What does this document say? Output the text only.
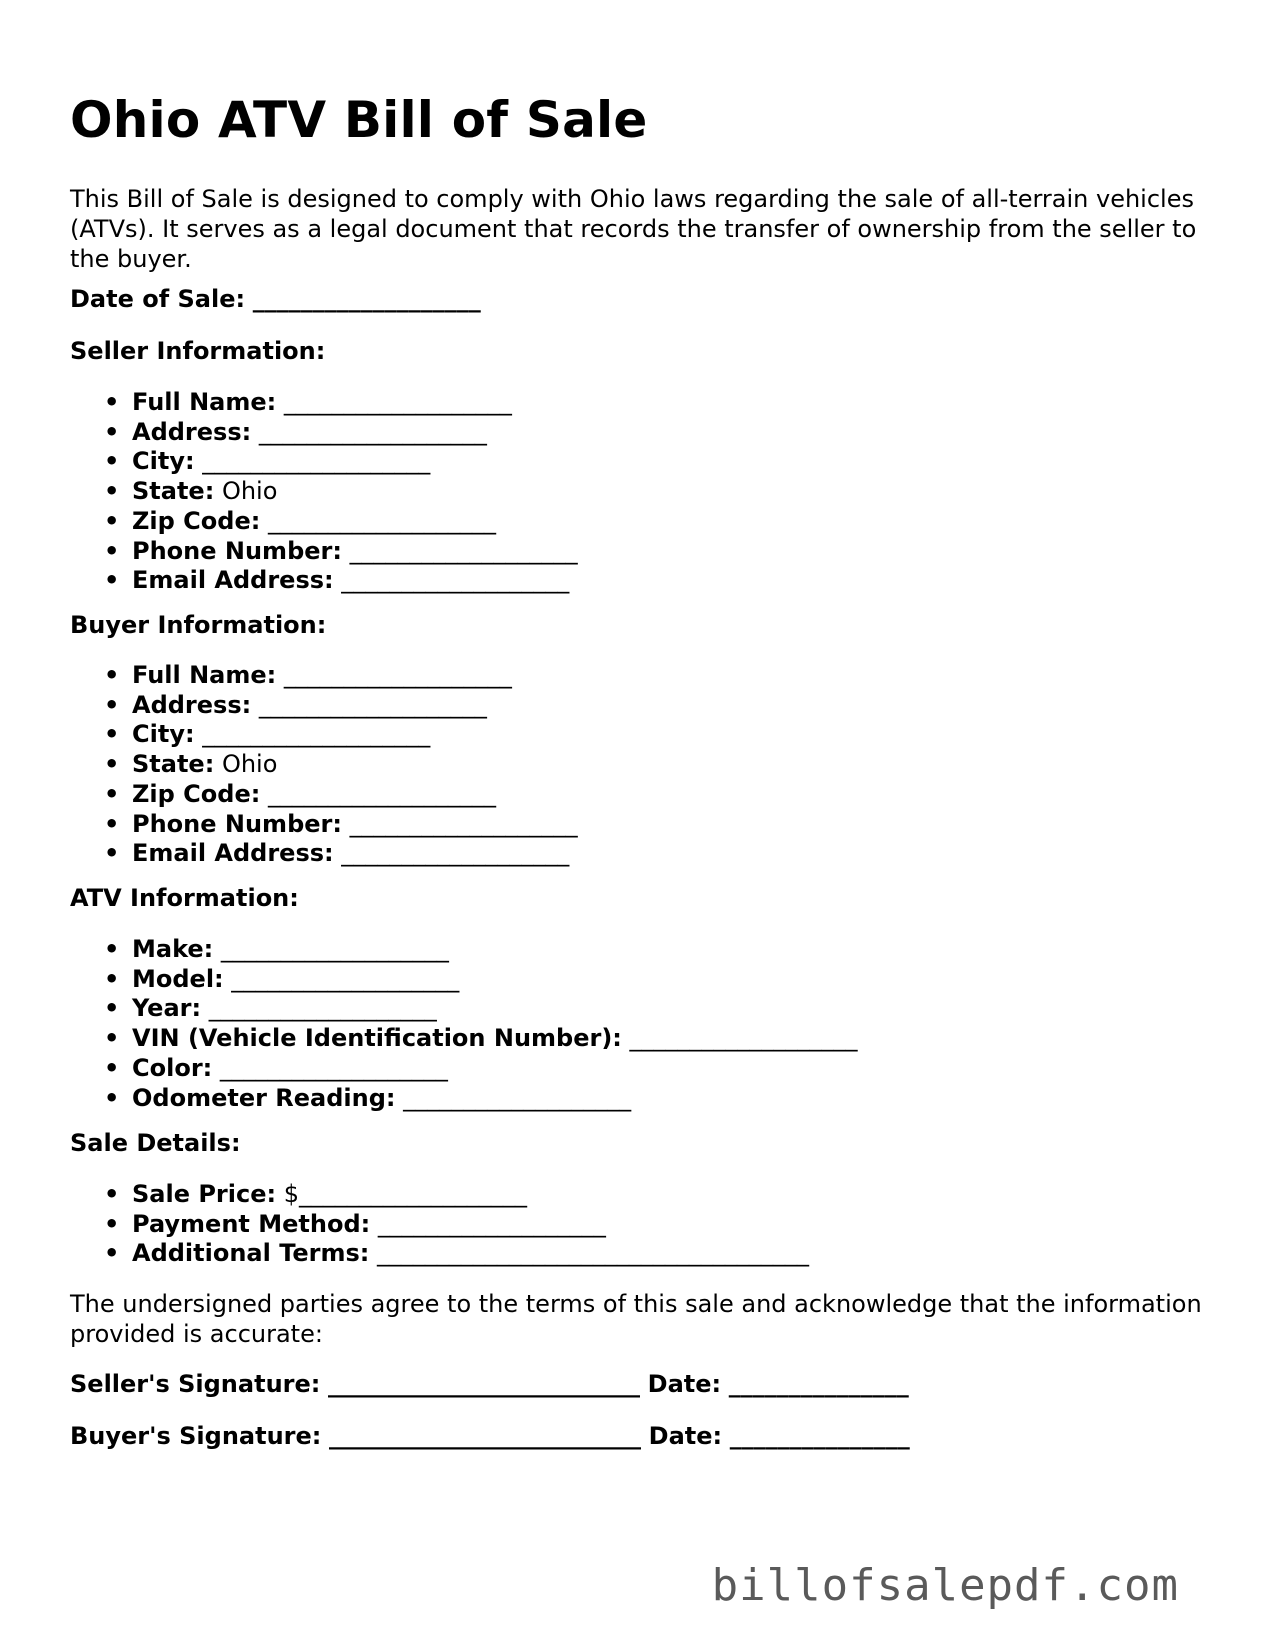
Ohio ATV Bill of Sale

This Bill of Sale is designed to comply with Ohio laws regarding the sale of all-terrain vehicles (ATVs). It serves as a legal document that records the transfer of ownership from the seller to the buyer.

Date of Sale: ___________________
Seller Information:
• Full Name: ___________________
• Address: ___________________
• City: ___________________
• State: Ohio
• Zip Code: ___________________
• Phone Number: ___________________
• Email Address: ___________________
Buyer Information:
• Full Name: ___________________
• Address: ___________________
• City: ___________________
• State: Ohio
• Zip Code: ___________________
• Phone Number: ___________________
• Email Address: ___________________
ATV Information:
• Make: ___________________
• Model: ___________________
• Year: ___________________
• VIN (Vehicle Identification Number): ___________________
• Color: ___________________
• Odometer Reading: ___________________
Sale Details:
• Sale Price: $___________________
• Payment Method: ___________________
• Additional Terms: ____________________________________

The undersigned parties agree to the terms of this sale and acknowledge that the information provided is accurate:

Seller's Signature: __________________________ Date: _______________
Buyer's Signature: __________________________ Date: _______________
billofsalepdf.com
